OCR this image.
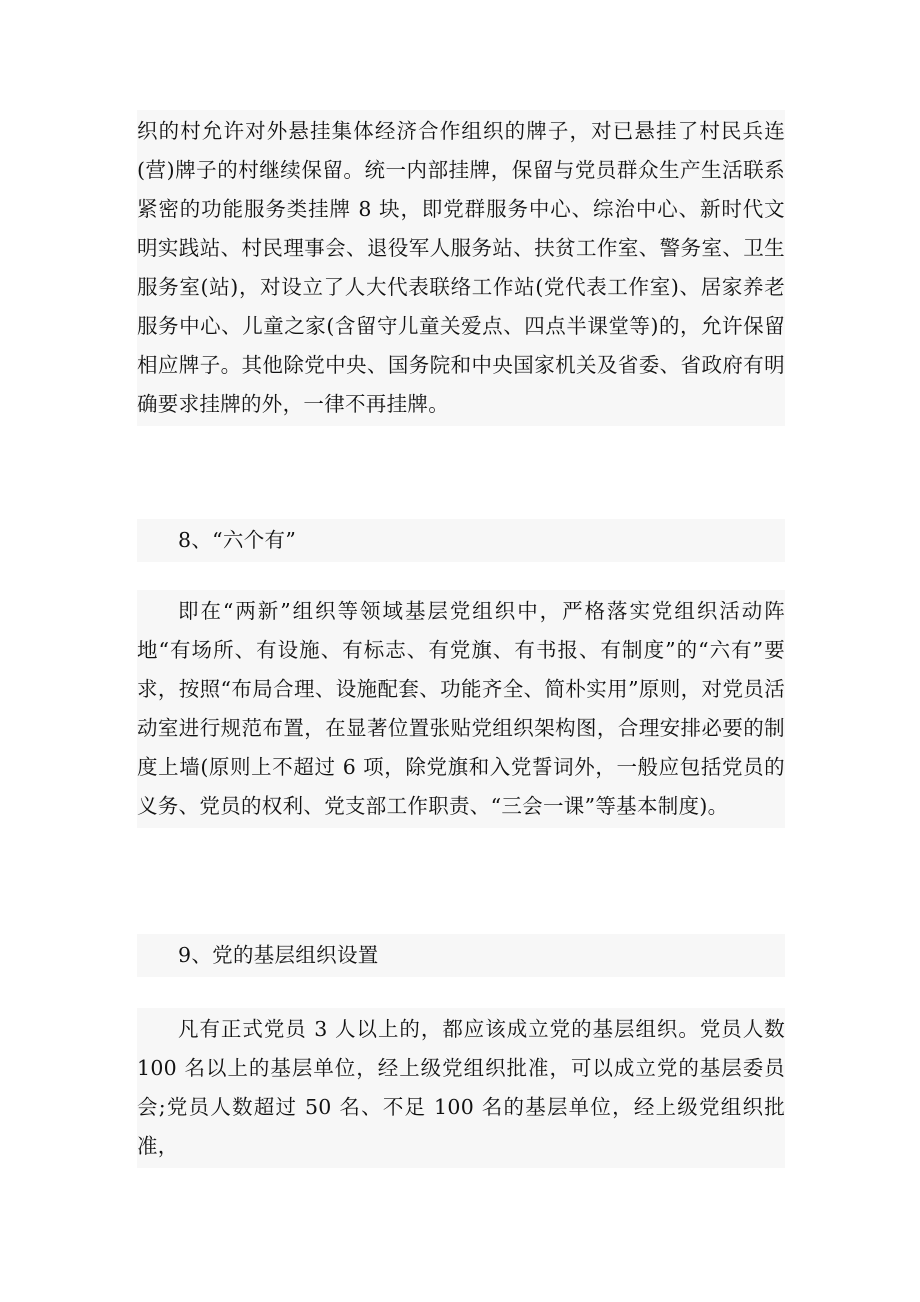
织的村允许对外悬挂集体经济合作组织的牌子，对已悬挂了村民兵连(营)牌子的村继续保留。统一内部挂牌，保留与党员群众生产生活联系紧密的功能服务类挂牌 8 块，即党群服务中心、综治中心、新时代文明实践站、村民理事会、退役军人服务站、扶贫工作室、警务室、卫生服务室(站)，对设立了人大代表联络工作站(党代表工作室)、居家养老服务中心、儿童之家(含留守儿童关爱点、四点半课堂等)的，允许保留相应牌子。其他除党中央、国务院和中央国家机关及省委、省政府有明确要求挂牌的外，一律不再挂牌。

8、“六个有”

即在“两新”组织等领域基层党组织中，严格落实党组织活动阵地“有场所、有设施、有标志、有党旗、有书报、有制度”的“六有”要求，按照“布局合理、设施配套、功能齐全、简朴实用”原则，对党员活动室进行规范布置，在显著位置张贴党组织架构图，合理安排必要的制度上墙(原则上不超过 6 项，除党旗和入党誓词外，一般应包括党员的义务、党员的权利、党支部工作职责、“三会一课”等基本制度)。

9、党的基层组织设置

凡有正式党员 3 人以上的，都应该成立党的基层组织。党员人数 100 名以上的基层单位，经上级党组织批准，可以成立党的基层委员会;党员人数超过 50 名、不足 100 名的基层单位，经上级党组织批准，
